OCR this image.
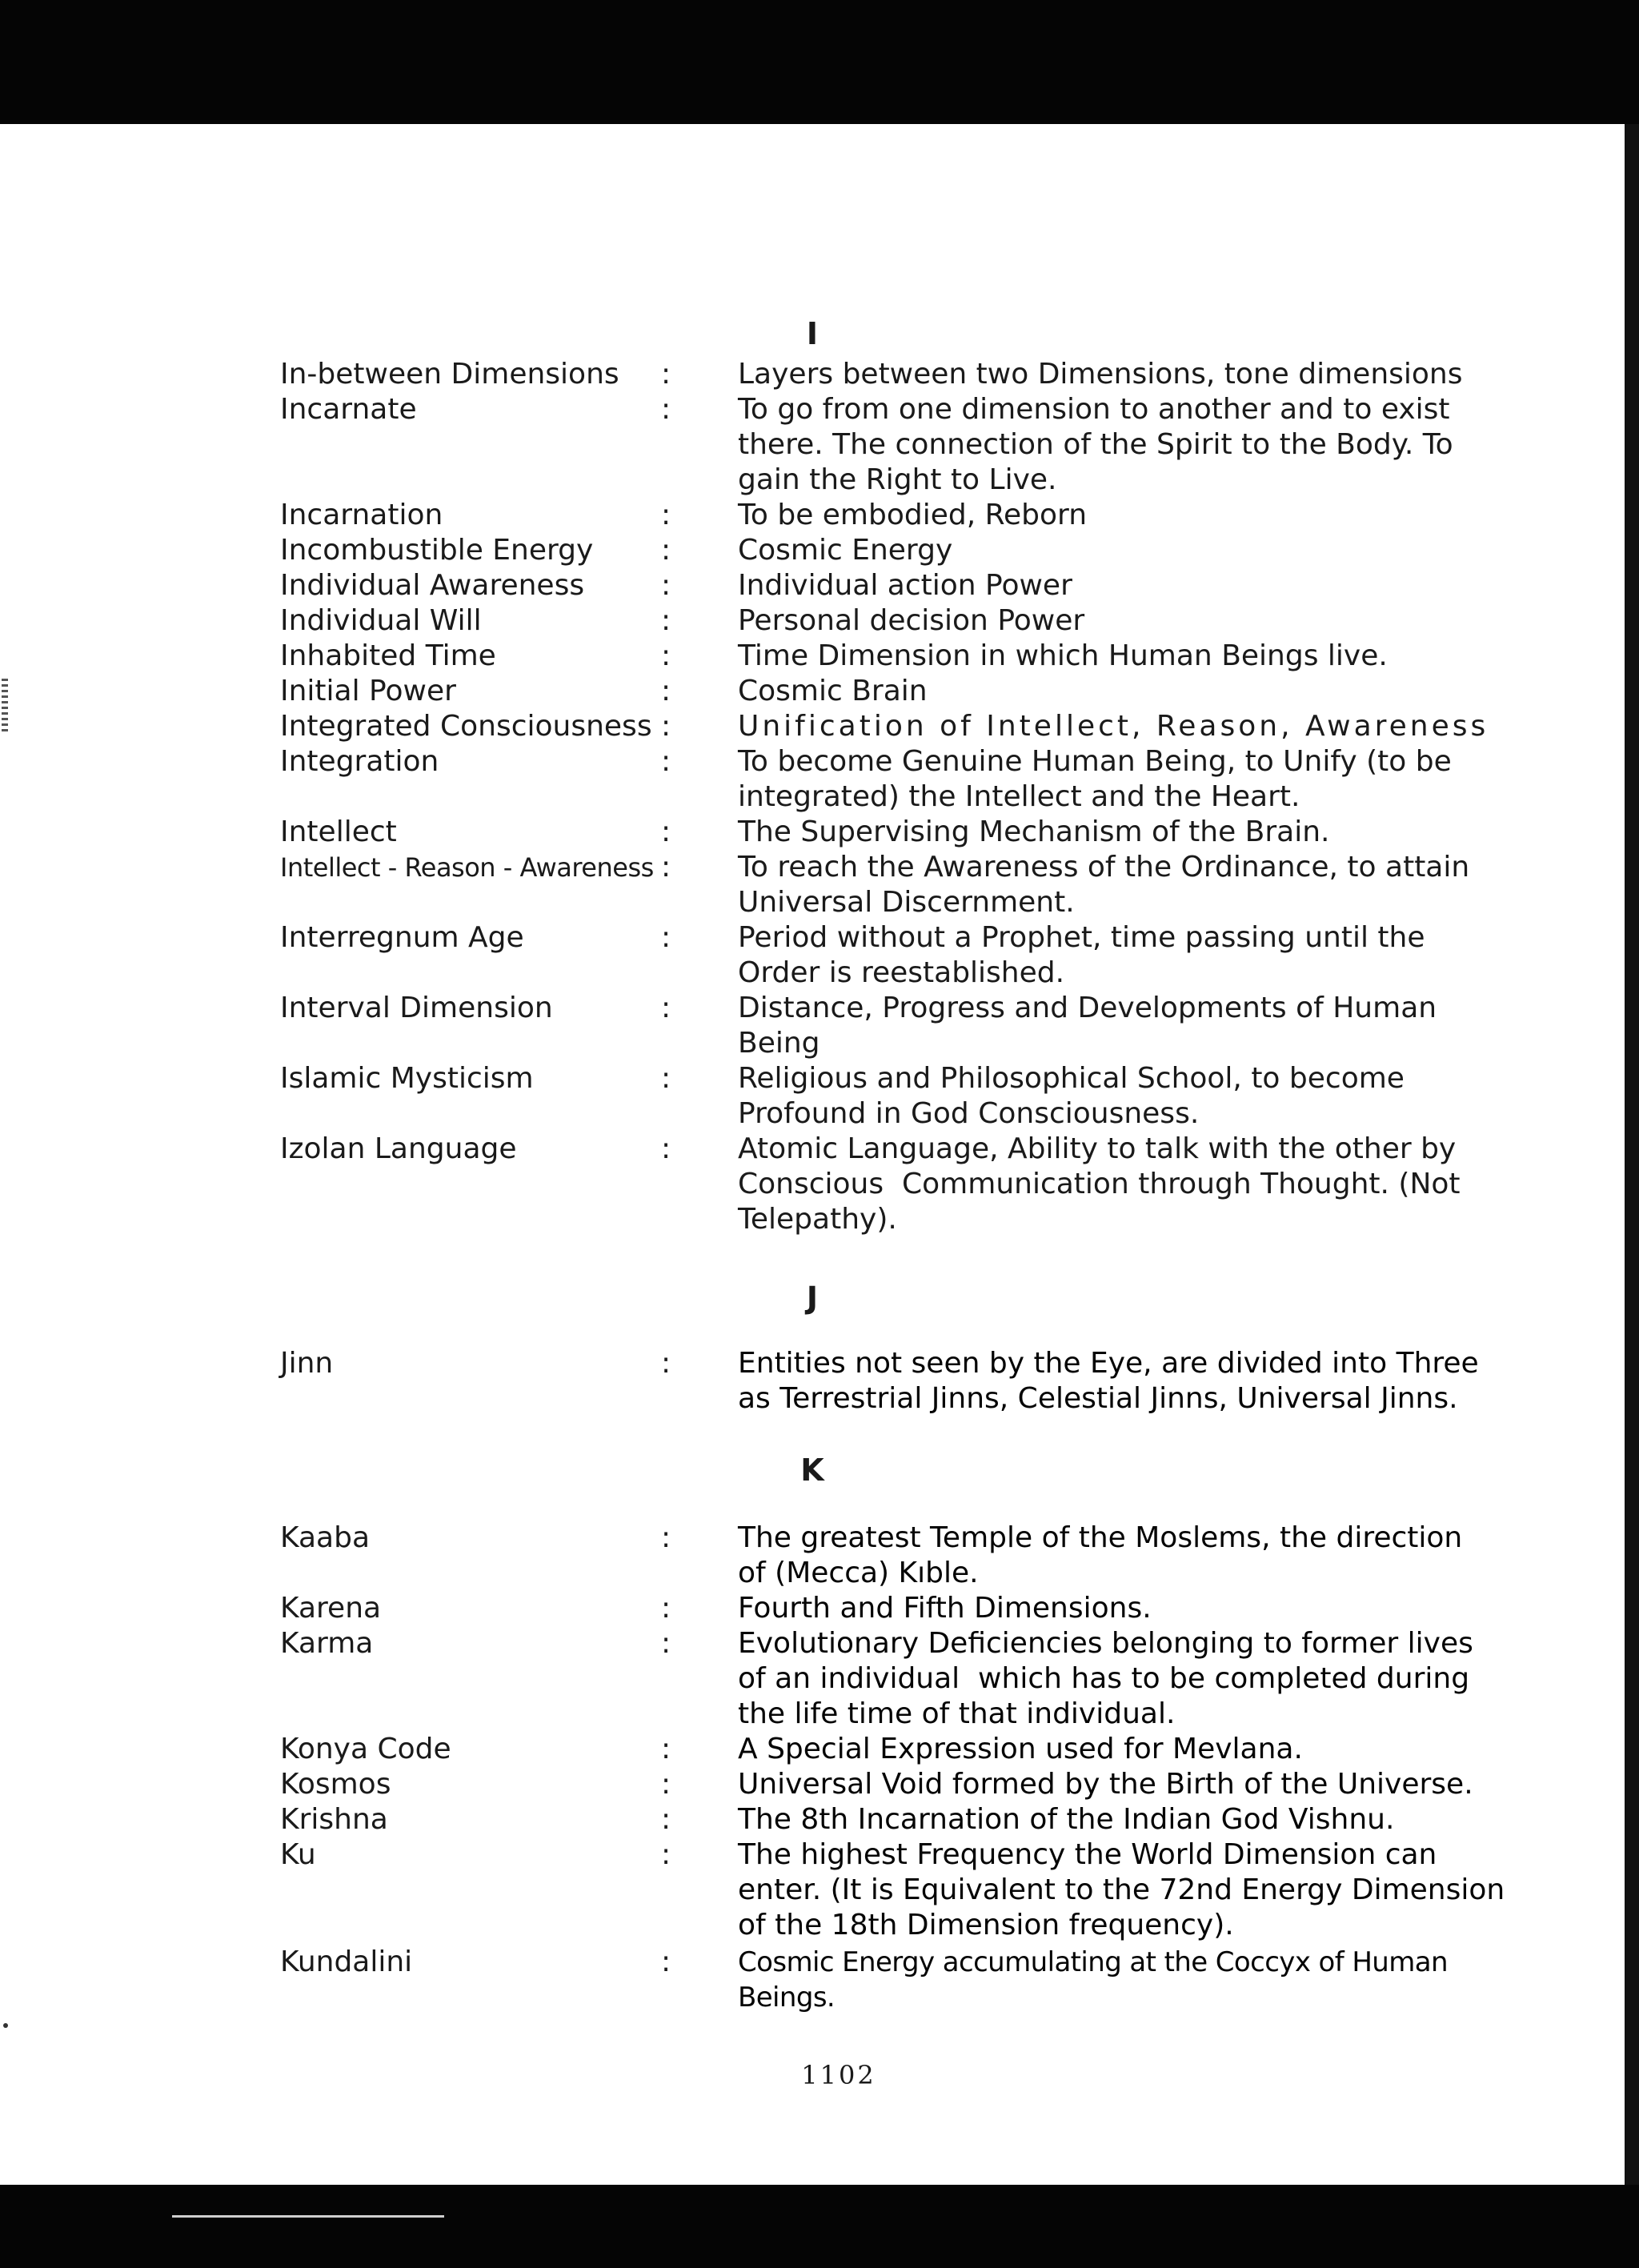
I
In-between Dimensions : Layers between two Dimensions, tone dimensions
Incarnate	: To go from one dimension to another and to exist
there. The connection of the Spirit to the Body. To
gain the Right to Live.
Incarnation	: To be embodied, Reborn
Incombustible Energy : Cosmic Energy
Individual Awareness	: Individual action Power
Individual Will	: Personal decision Power
Inhabited Time	: Time Dimension in which Human Beings live.
Initial Power	: Cosmic Brain
Integrated Consciousness : Unification of Intellect, Reason, Awareness
Integration	: To become Genuine Human Being, to Unify (to be
integrated) the Intellect and the Heart.
Intellect	: The Supervising Mechanism of the Brain.
Intellect - Reason - Awareness : To reach the Awareness of the Ordinance, to attain
Universal Discernment.
Interregnum Age	: Period without a Prophet, time passing until the
Order is reestablished.
Interval Dimension	: Distance, Progress and Developments of Human
Being
Islamic Mysticism	: Religious and Philosophical School, to become
Profound in God Consciousness.
Izolan Language	: Atomic Language, Ability to talk with the other by
Conscious  Communication through Thought. (Not
Telepathy).
J
Jinn	: Entities not seen by the Eye, are divided into Three
as Terrestrial Jinns, Celestial Jinns, Universal Jinns.
K
Kaaba	: The greatest Temple of the Moslems, the direction
of (Mecca) Kıble.
Karena	: Fourth and Fifth Dimensions.
Karma	: Evolutionary Deficiencies belonging to former lives
of an individual  which has to be completed during
the life time of that individual.
Konya Code	: A Special Expression used for Mevlana.
Kosmos	: Universal Void formed by the Birth of the Universe.
Krishna	: The 8th Incarnation of the Indian God Vishnu.
Ku	: The highest Frequency the World Dimension can
enter. (It is Equivalent to the 72nd Energy Dimension
of the 18th Dimension frequency).
Kundalini	: Cosmic Energy accumulating at the Coccyx of Human
Beings.
1102
